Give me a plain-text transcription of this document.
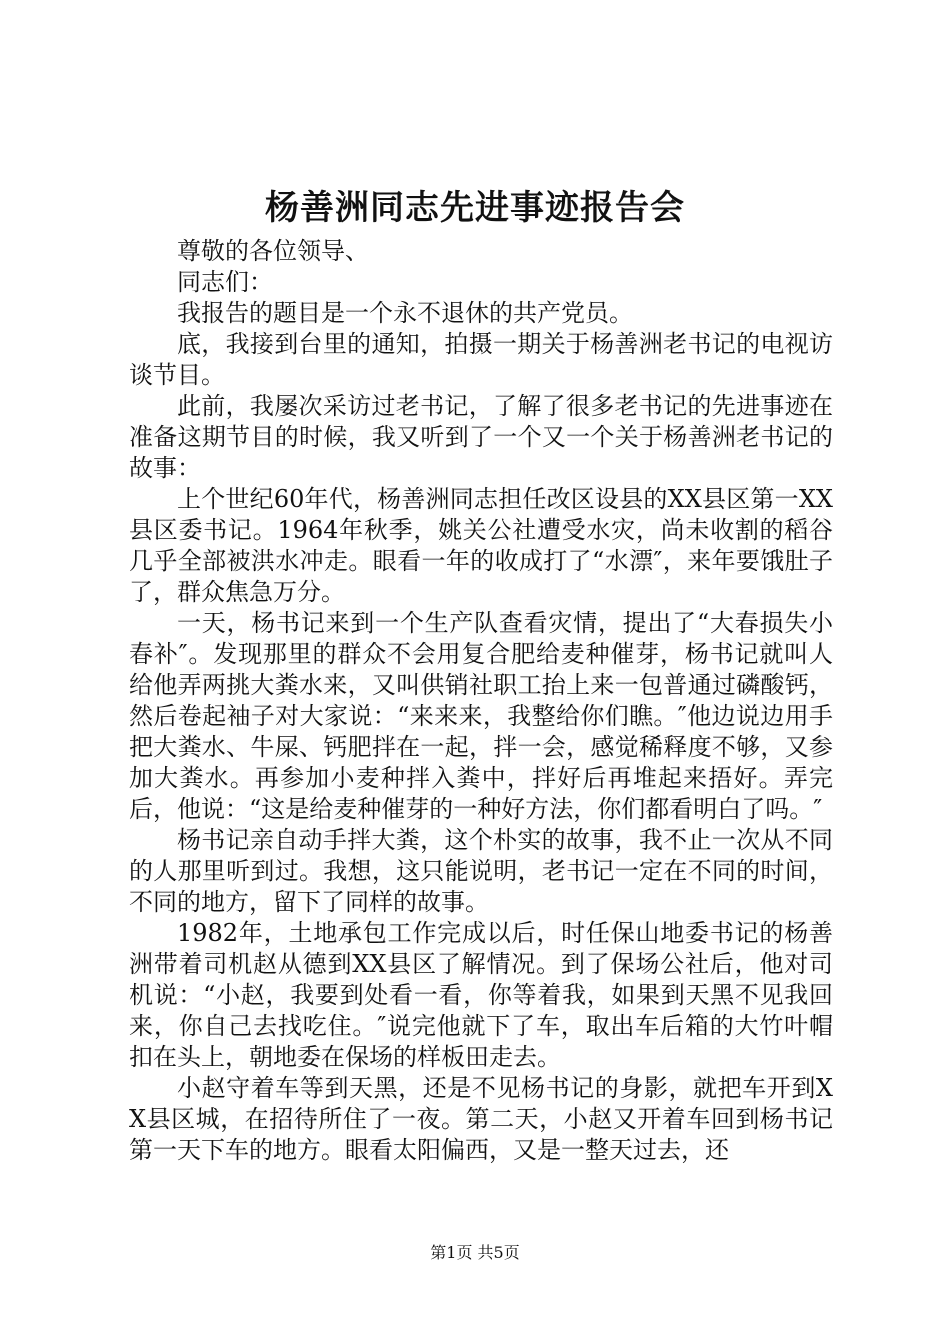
杨善洲同志先进事迹报告会

尊敬的各位领导、

同志们：

我报告的题目是一个永不退休的共产党员。

底，我接到台里的通知，拍摄一期关于杨善洲老书记的电视访谈节目。

此前，我屡次采访过老书记，了解了很多老书记的先进事迹在准备这期节目的时候，我又听到了一个又一个关于杨善洲老书记的故事：

上个世纪60年代，杨善洲同志担任改区设县的XX县区第一XX县区委书记。1964年秋季，姚关公社遭受水灾，尚未收割的稻谷几乎全部被洪水冲走。眼看一年的收成打了“水漂″，来年要饿肚子了，群众焦急万分。

一天，杨书记来到一个生产队查看灾情，提出了“大春损失小春补″。发现那里的群众不会用复合肥给麦种催芽，杨书记就叫人给他弄两挑大粪水来，又叫供销社职工抬上来一包普通过磷酸钙，然后卷起袖子对大家说：“来来来，我整给你们瞧。″他边说边用手把大粪水、牛屎、钙肥拌在一起，拌一会，感觉稀释度不够，又参加大粪水。再参加小麦种拌入粪中，拌好后再堆起来捂好。弄完后，他说：“这是给麦种催芽的一种好方法，你们都看明白了吗。″

杨书记亲自动手拌大粪，这个朴实的故事，我不止一次从不同的人那里听到过。我想，这只能说明，老书记一定在不同的时间，不同的地方，留下了同样的故事。

1982年，土地承包工作完成以后，时任保山地委书记的杨善洲带着司机赵从德到XX县区了解情况。到了保场公社后，他对司机说：“小赵，我要到处看一看，你等着我，如果到天黑不见我回来，你自己去找吃住。″说完他就下了车，取出车后箱的大竹叶帽扣在头上，朝地委在保场的样板田走去。

小赵守着车等到天黑，还是不见杨书记的身影，就把车开到XX县区城，在招待所住了一夜。第二天，小赵又开着车回到杨书记第一天下车的地方。眼看太阳偏西，又是一整天过去，还

第1页 共5页
